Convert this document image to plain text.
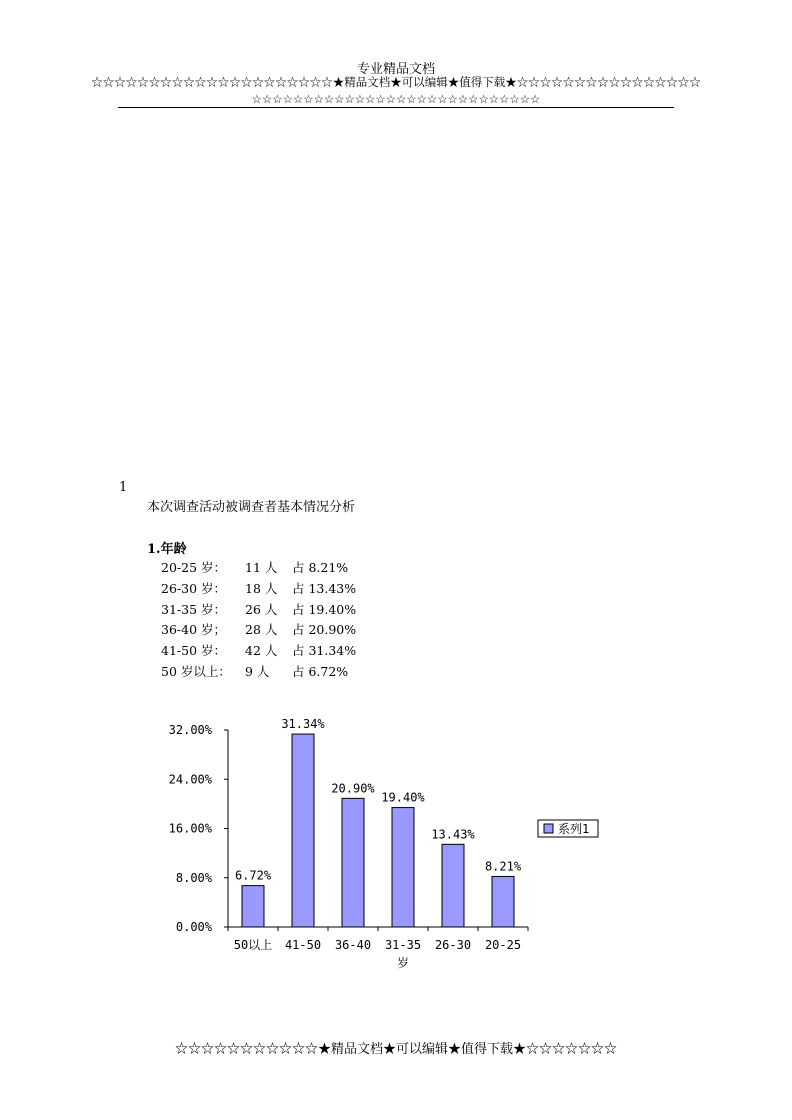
专业精品文档
☆☆☆☆☆☆☆☆☆☆☆☆☆☆☆☆☆☆☆☆☆★精品文档★可以编辑★值得下载★☆☆☆☆☆☆☆☆☆☆☆☆☆☆☆☆
☆☆☆☆☆☆☆☆☆☆☆☆☆☆☆☆☆☆☆☆☆☆☆☆☆☆☆☆
1
本次调查活动被调查者基本情况分析
1.年龄
20-25 岁：	11 人	占 8.21%
26-30 岁：	18 人	占 13.43%
31-35 岁：	26 人	占 19.40%
36-40 岁；	28 人	占 20.90%
41-50 岁：	42 人	占 31.34%
50 岁以上：	9 人	占 6.72%
0.00%
8.00%
16.00%
24.00%
32.00%
6.72%
50以上
31.34%
41-50
20.90%
36-40
19.40%
31-35
13.43%
26-30
8.21%
20-25
岁
系列1
☆☆☆☆☆☆☆☆☆☆☆★精品文档★可以编辑★值得下载★☆☆☆☆☆☆☆
